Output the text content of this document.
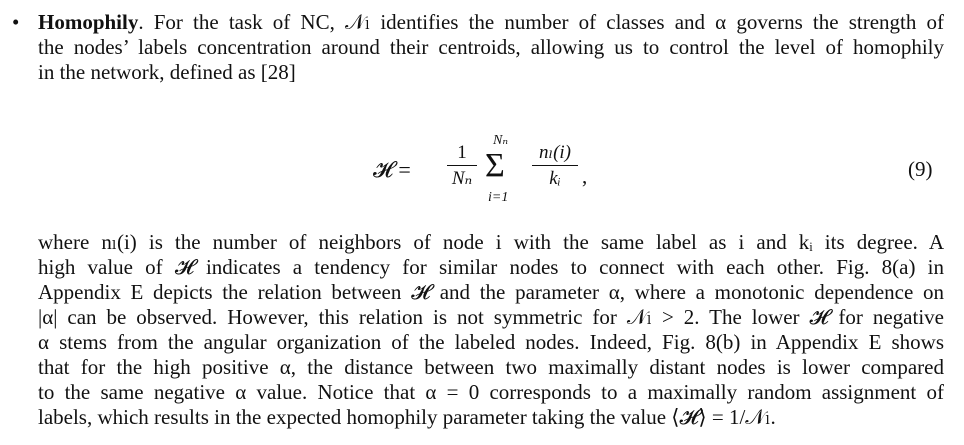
• Homophily. For the task of NC, 𝒩ₗ identifies the number of classes and α governs the strength of
the nodes’ labels concentration around their centroids, allowing us to control the level of homophily
in the network, defined as [28]
𝓗 =
1
Nₙ
Nₙ
Σ
i=1
nₗ(i)
kᵢ ,	(9)
where nₗ(i) is the number of neighbors of node i with the same label as i and kᵢ its degree. A
high value of 𝓗 indicates a tendency for similar nodes to connect with each other. Fig. 8(a) in
Appendix E depicts the relation between 𝓗 and the parameter α, where a monotonic dependence on
|α| can be observed. However, this relation is not symmetric for 𝒩ₗ > 2. The lower 𝓗 for negative
α stems from the angular organization of the labeled nodes. Indeed, Fig. 8(b) in Appendix E shows
that for the high positive α, the distance between two maximally distant nodes is lower compared
to the same negative α value. Notice that α = 0 corresponds to a maximally random assignment of
labels, which results in the expected homophily parameter taking the value ⟨𝓗⟩ = 1/𝒩ₗ.
